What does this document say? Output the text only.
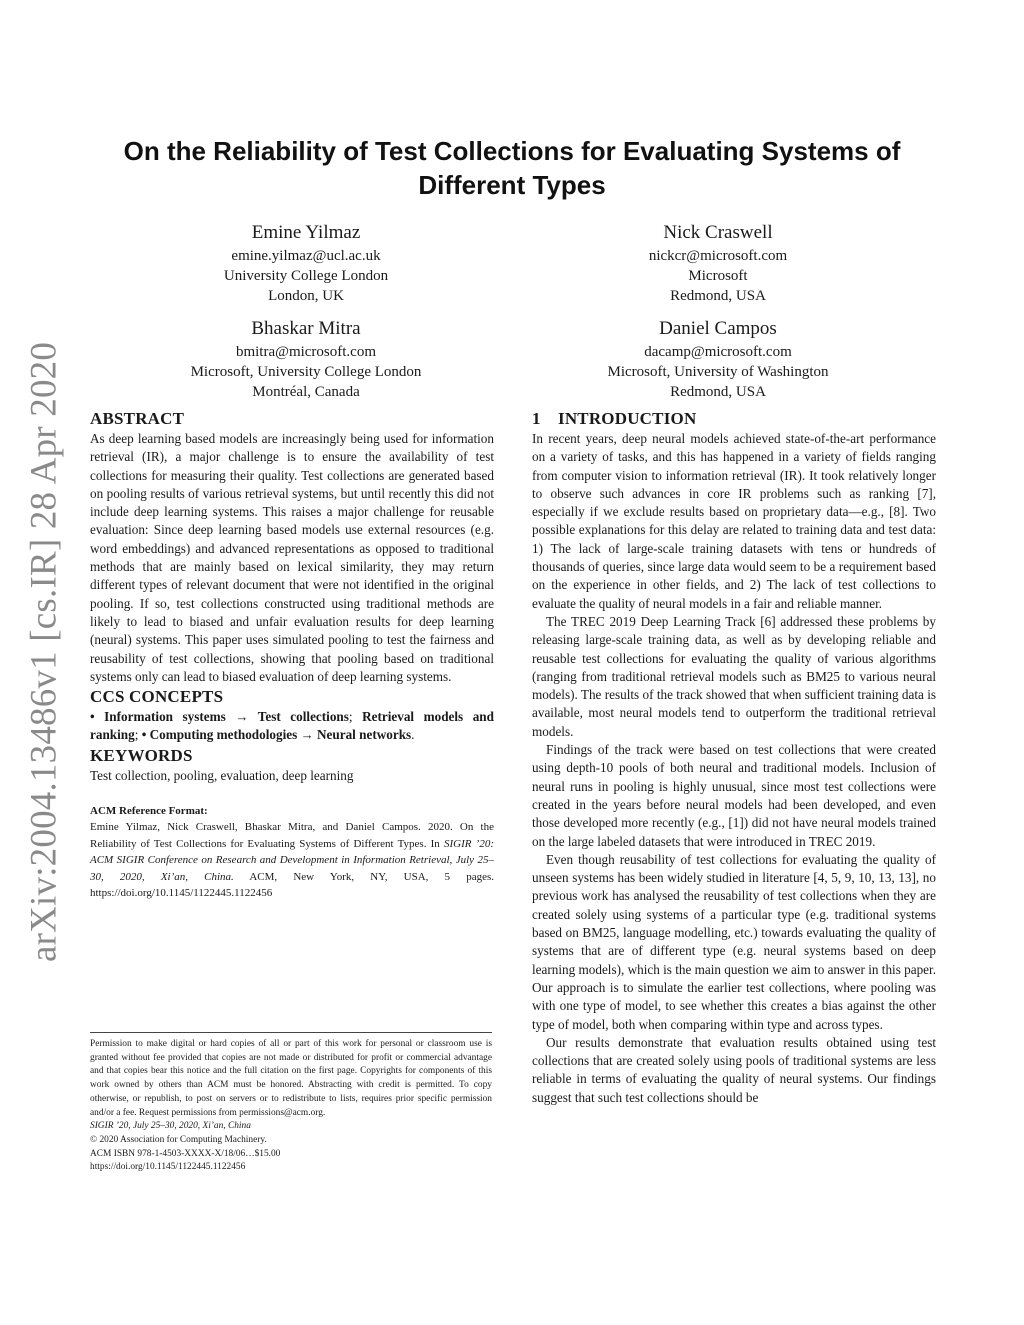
arXiv:2004.13486v1 [cs.IR] 28 Apr 2020
On the Reliability of Test Collections for Evaluating Systems of
Different Types
Emine Yilmaz
emine.yilmaz@ucl.ac.uk
University College London
London, UK
Nick Craswell
nickcr@microsoft.com
Microsoft
Redmond, USA
Bhaskar Mitra
bmitra@microsoft.com
Microsoft, University College London
Montréal, Canada
Daniel Campos
dacamp@microsoft.com
Microsoft, University of Washington
Redmond, USA
ABSTRACT

As deep learning based models are increasingly being used for information retrieval (IR), a major challenge is to ensure the availability of test collections for measuring their quality. Test collections are generated based on pooling results of various retrieval systems, but until recently this did not include deep learning systems. This raises a major challenge for reusable evaluation: Since deep learning based models use external resources (e.g. word embeddings) and advanced representations as opposed to traditional methods that are mainly based on lexical similarity, they may return different types of relevant document that were not identified in the original pooling. If so, test collections constructed using traditional methods are likely to lead to biased and unfair evaluation results for deep learning (neural) systems. This paper uses simulated pooling to test the fairness and reusability of test collections, showing that pooling based on traditional systems only can lead to biased evaluation of deep learning systems.

CCS CONCEPTS
• Information systems → Test collections; Retrieval models and ranking; • Computing methodologies → Neural networks.
KEYWORDS

Test collection, pooling, evaluation, deep learning

ACM Reference Format:
Emine Yilmaz, Nick Craswell, Bhaskar Mitra, and Daniel Campos. 2020. On the Reliability of Test Collections for Evaluating Systems of Different Types. In SIGIR ’20: ACM SIGIR Conference on Research and Development in Information Retrieval, July 25–30, 2020, Xi’an, China. ACM, New York, NY, USA, 5 pages. https://doi.org/10.1145/1122445.1122456
Permission to make digital or hard copies of all or part of this work for personal or classroom use is granted without fee provided that copies are not made or distributed for profit or commercial advantage and that copies bear this notice and the full citation on the first page. Copyrights for components of this work owned by others than ACM must be honored. Abstracting with credit is permitted. To copy otherwise, or republish, to post on servers or to redistribute to lists, requires prior specific permission and/or a fee. Request permissions from permissions@acm.org.
SIGIR ’20, July 25–30, 2020, Xi’an, China
© 2020 Association for Computing Machinery.
ACM ISBN 978-1-4503-XXXX-X/18/06…$15.00
https://doi.org/10.1145/1122445.1122456
1 INTRODUCTION

In recent years, deep neural models achieved state-of-the-art performance on a variety of tasks, and this has happened in a variety of fields ranging from computer vision to information retrieval (IR). It took relatively longer to observe such advances in core IR problems such as ranking [7], especially if we exclude results based on proprietary data—e.g., [8]. Two possible explanations for this delay are related to training data and test data: 1) The lack of large-scale training datasets with tens or hundreds of thousands of queries, since large data would seem to be a requirement based on the experience in other fields, and 2) The lack of test collections to evaluate the quality of neural models in a fair and reliable manner.

The TREC 2019 Deep Learning Track [6] addressed these problems by releasing large-scale training data, as well as by developing reliable and reusable test collections for evaluating the quality of various algorithms (ranging from traditional retrieval models such as BM25 to various neural models). The results of the track showed that when sufficient training data is available, most neural models tend to outperform the traditional retrieval models.

Findings of the track were based on test collections that were created using depth-10 pools of both neural and traditional models. Inclusion of neural runs in pooling is highly unusual, since most test collections were created in the years before neural models had been developed, and even those developed more recently (e.g., [1]) did not have neural models trained on the large labeled datasets that were introduced in TREC 2019.

Even though reusability of test collections for evaluating the quality of unseen systems has been widely studied in literature [4, 5, 9, 10, 13, 13], no previous work has analysed the reusability of test collections when they are created solely using systems of a particular type (e.g. traditional systems based on BM25, language modelling, etc.) towards evaluating the quality of systems that are of different type (e.g. neural systems based on deep learning models), which is the main question we aim to answer in this paper. Our approach is to simulate the earlier test collections, where pooling was with one type of model, to see whether this creates a bias against the other type of model, both when comparing within type and across types.

Our results demonstrate that evaluation results obtained using test collections that are created solely using pools of traditional systems are less reliable in terms of evaluating the quality of neural systems. Our findings suggest that such test collections should be
